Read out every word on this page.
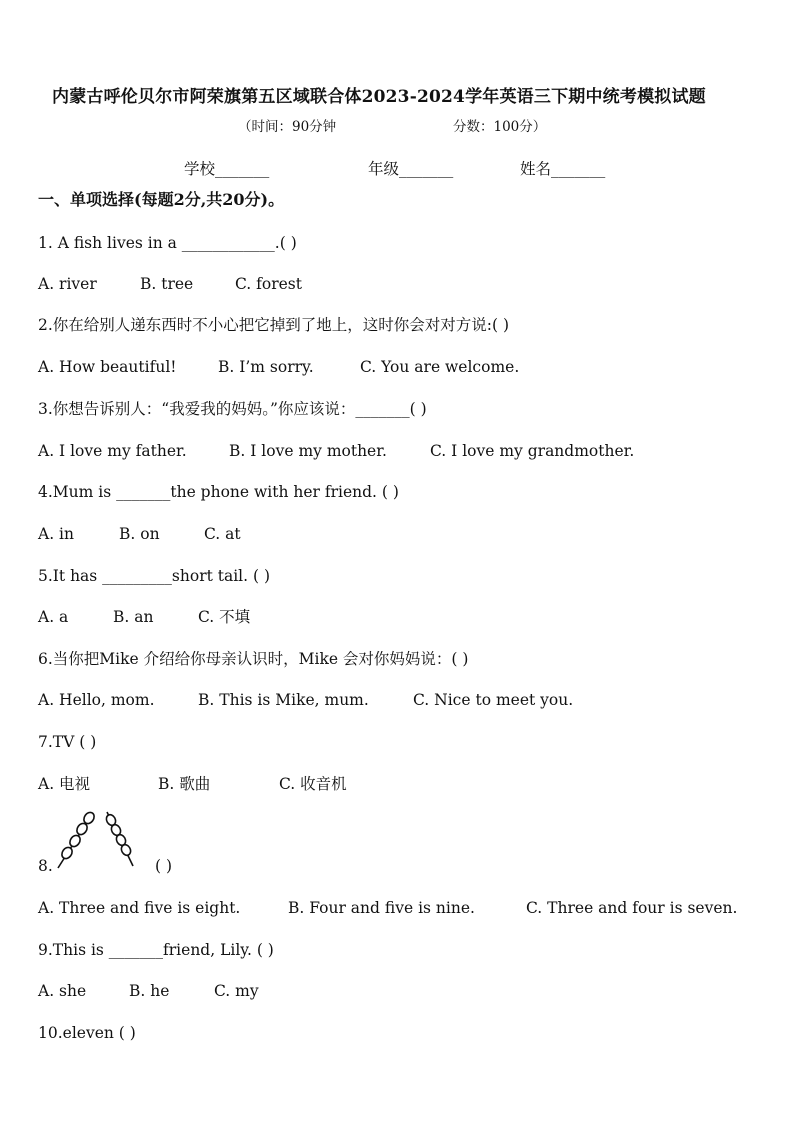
内蒙古呼伦贝尔市阿荣旗第五区域联合体2023-2024学年英语三下期中统考模拟试题
（时间：90分钟	分数：100分）
学校_______	年级_______	姓名_______
一、单项选择(每题2分,共20分)。
1. A fish lives in a ____________.( )
A. river	B. tree	C. forest
2.你在给别人递东西时不小心把它掉到了地上，这时你会对对方说:( )
A. How beautiful!	B. I’m sorry.	C. You are welcome.
3.你想告诉别人：“我爱我的妈妈。”你应该说：_______( )
A. I love my father.	B. I love my mother.	C. I love my grandmother.
4.Mum is _______the phone with her friend. ( )
A. in	B. on	C. at
5.It has _________short tail. ( )
A. a	B. an	C. 不填
6.当你把Mike 介绍给你母亲认识时，Mike 会对你妈妈说：( )
A. Hello, mom.	B. This is Mike, mum.	C. Nice to meet you.
7.TV ( )
A. 电视	B. 歌曲	C. 收音机
8.	( )
A. Three and five is eight.	B. Four and five is nine.	C. Three and four is seven.
9.This is _______friend, Lily. ( )
A. she	B. he	C. my
10.eleven ( )
